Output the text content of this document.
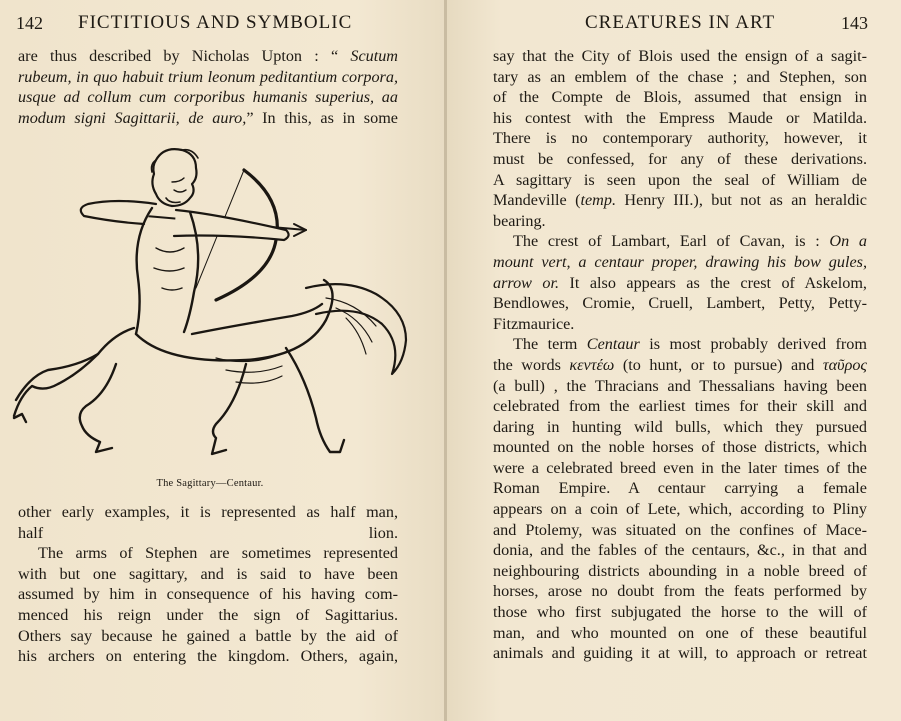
142 FICTITIOUS AND SYMBOLIC
are thus described by Nicholas Upton : “ Scutum
rubeum, in quo habuit trium leonum peditantium corpora,
usque ad collum cum corporibus humanis superius, aa
modum signi Sagittarii, de auro,” In this, as in some
The Sagittary—Centaur.
other early examples, it is represented as half man,
half lion.
The arms of Stephen are sometimes represented
with but one sagittary, and is said to have been
assumed by him in consequence of his having com-
menced his reign under the sign of Sagittarius.
Others say because he gained a battle by the aid of
his archers on entering the kingdom. Others, again,
CREATURES IN ART	143
say that the City of Blois used the ensign of a sagit-
tary as an emblem of the chase ; and Stephen, son
of the Compte de Blois, assumed that ensign in
his contest with the Empress Maude or Matilda.
There is no contemporary authority, however, it
must be confessed, for any of these derivations.
A sagittary is seen upon the seal of William de
Mandeville (temp. Henry III.), but not as an heraldic
bearing.
The crest of Lambart, Earl of Cavan, is : On a
mount vert, a centaur proper, drawing his bow gules,
arrow or. It also appears as the crest of Askelom,
Bendlowes, Cromie, Cruell, Lambert, Petty, Petty-
Fitzmaurice.
The term Centaur is most probably derived from
the words κεντέω (to hunt, or to pursue) and ταῦρος
(a bull) , the Thracians and Thessalians having been
celebrated from the earliest times for their skill and
daring in hunting wild bulls, which they pursued
mounted on the noble horses of those districts, which
were a celebrated breed even in the later times of the
Roman Empire. A centaur carrying a female
appears on a coin of Lete, which, according to Pliny
and Ptolemy, was situated on the confines of Mace-
donia, and the fables of the centaurs, &c., in that and
neighbouring districts abounding in a noble breed of
horses, arose no doubt from the feats performed by
those who first subjugated the horse to the will of
man, and who mounted on one of these beautiful
animals and guiding it at will, to approach or retreat
